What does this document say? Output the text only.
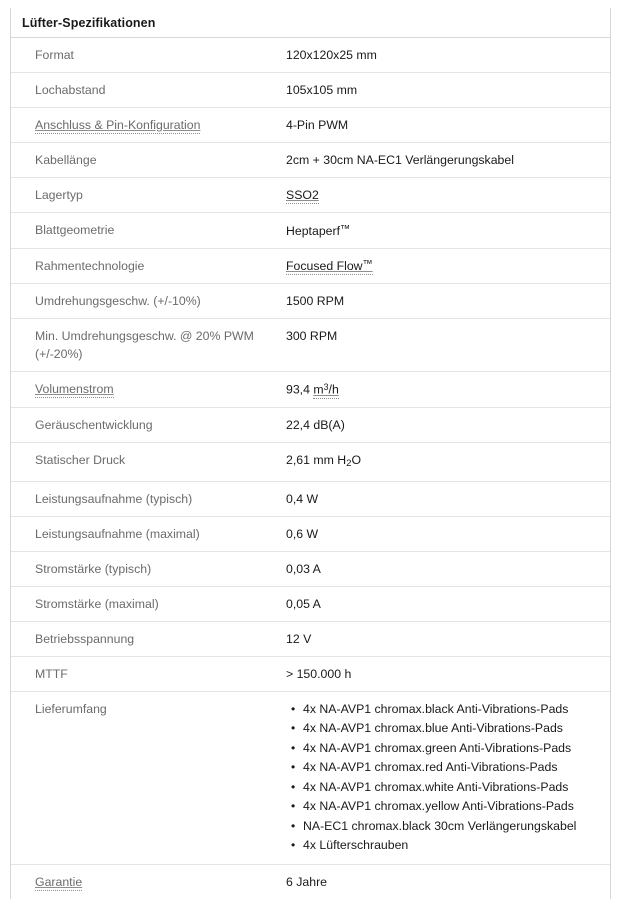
Lüfter-Spezifikationen
Format	120x120x25 mm
Lochabstand	105x105 mm
Anschluss & Pin-Konfiguration	4-Pin PWM
Kabellänge	2cm + 30cm NA-EC1 Verlängerungskabel
Lagertyp	SSO2
Blattgeometrie	Heptaperf™
Rahmentechnologie	Focused Flow™
Umdrehungsgeschw. (+/-10%)	1500 RPM
Min. Umdrehungsgeschw. @ 20% PWM (+/-20%)	300 RPM
Volumenstrom	93,4 $m^3/h$
Geräuschentwicklung	22,4 dB(A)
Statischer Druck	2,61 mm $H_2O$
Leistungsaufnahme (typisch)	0,4 W
Leistungsaufnahme (maximal)	0,6 W
Stromstärke (typisch)	0,03 A
Stromstärke (maximal)	0,05 A
Betriebsspannung	12 V
MTTF	> 150.000 h
Lieferumfang	
•4x NA-AVP1 chromax.black Anti-Vibrations-Pads
• 4x NA-AVP1 chromax.blue Anti-Vibrations-Pads
• 4x NA-AVP1 chromax.green Anti-Vibrations-Pads
• 4x NA-AVP1 chromax.red Anti-Vibrations-Pads
• 4x NA-AVP1 chromax.white Anti-Vibrations-Pads
• 4x NA-AVP1 chromax.yellow Anti-Vibrations-Pads
• NA-EC1 chromax.black 30cm Verlängerungskabel
• 4x Lüfterschrauben

Garantie	6 Jahre
